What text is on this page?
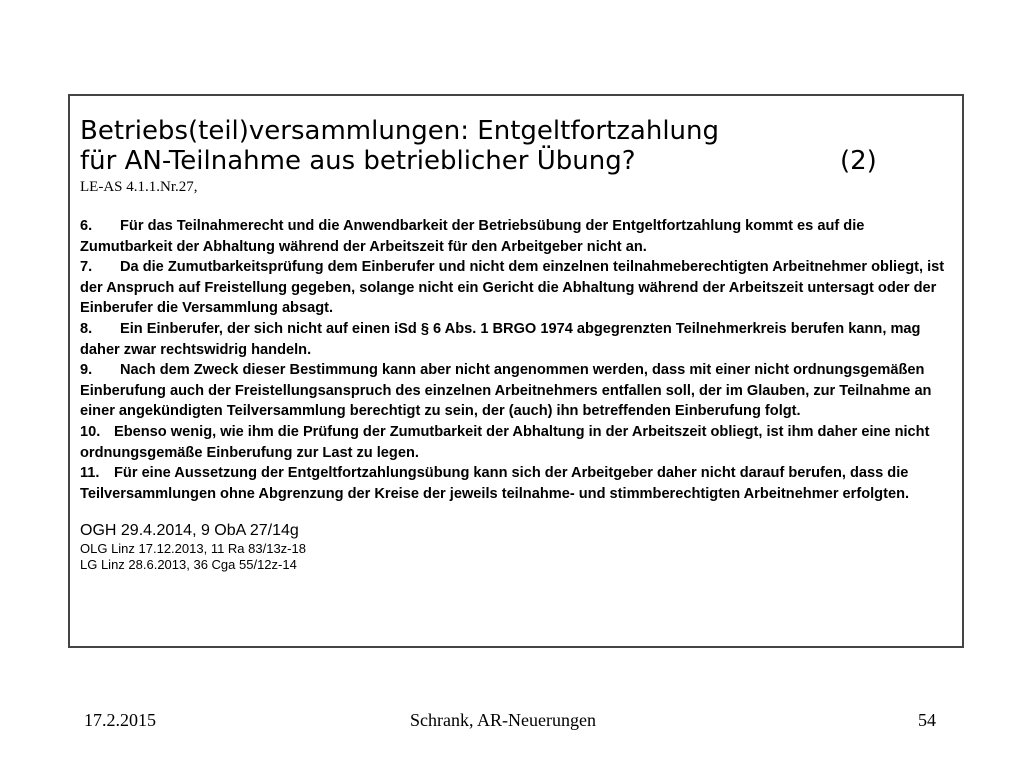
Betriebs(teil)versammlungen: Entgeltfortzahlung
für AN-Teilnahme aus betrieblicher Übung?	(2)
LE-AS 4.1.1.Nr.27,

6. Für das Teilnahmerecht und die Anwendbarkeit der Betriebsübung der Entgeltfortzahlung kommt es auf die Zumutbarkeit der Abhaltung während der Arbeitszeit für den Arbeitgeber nicht an.

7. Da die Zumutbarkeitsprüfung dem Einberufer und nicht dem einzelnen teilnahmeberechtigten Arbeitnehmer obliegt, ist der Anspruch auf Freistellung gegeben, solange nicht ein Gericht die Abhaltung während der Arbeitszeit untersagt oder der Einberufer die Versammlung absagt.

8. Ein Einberufer, der sich nicht auf einen iSd § 6 Abs. 1 BRGO 1974 abgegrenzten Teilnehmerkreis berufen kann, mag daher zwar rechtswidrig handeln.

9. Nach dem Zweck dieser Bestimmung kann aber nicht angenommen werden, dass mit einer nicht ordnungsgemäßen Einberufung auch der Freistellungsanspruch des einzelnen Arbeitnehmers entfallen soll, der im Glauben, zur Teilnahme an einer angekündigten Teilversammlung berechtigt zu sein, der (auch) ihn betreffenden Einberufung folgt.

10. Ebenso wenig, wie ihm die Prüfung der Zumutbarkeit der Abhaltung in der Arbeitszeit obliegt, ist ihm daher eine nicht ordnungsgemäße Einberufung zur Last zu legen.

11. Für eine Aussetzung der Entgeltfortzahlungsübung kann sich der Arbeitgeber daher nicht darauf berufen, dass die Teilversammlungen ohne Abgrenzung der Kreise der jeweils teilnahme- und stimmberechtigten Arbeitnehmer erfolgten.

OGH 29.4.2014, 9 ObA 27/14g
OLG Linz 17.12.2013, 11 Ra 83/13z-18
LG Linz 28.6.2013, 36 Cga 55/12z-14
17.2.2015	Schrank, AR-Neuerungen	54
